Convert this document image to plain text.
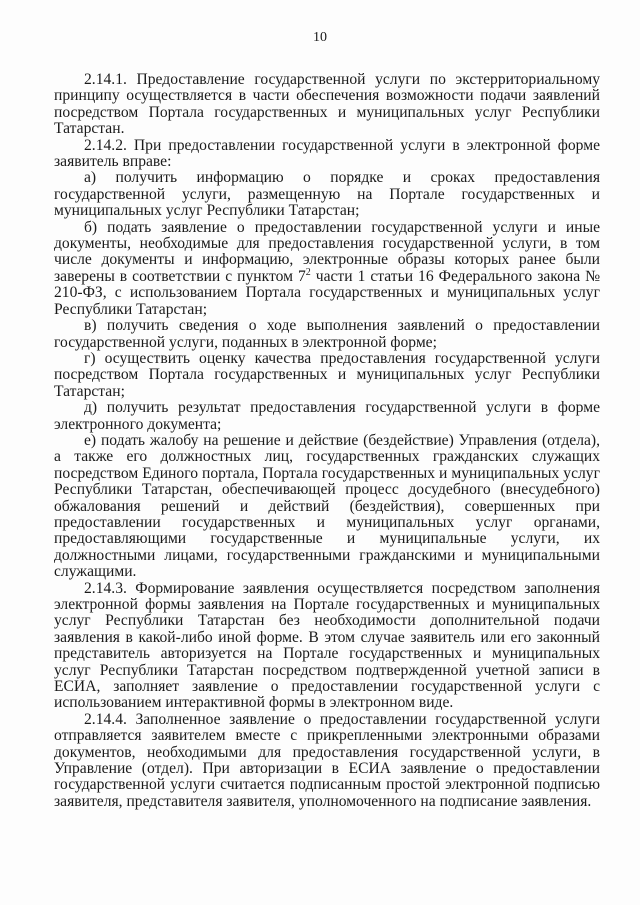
10

2.14.1. Предоставление государственной услуги по экстерриториальному принципу осуществляется в части обеспечения возможности подачи заявлений посредством Портала государственных и муниципальных услуг Республики Татарстан.

2.14.2. При предоставлении государственной услуги в электронной форме заявитель вправе:

а) получить информацию о порядке и сроках предоставления государственной услуги, размещенную на Портале государственных и муниципальных услуг Республики Татарстан;

б) подать заявление о предоставлении государственной услуги и иные документы, необходимые для предоставления государственной услуги, в том числе документы и информацию, электронные образы которых ранее были заверены в соответствии с пунктом $7^2$ части 1 статьи 16 Федерального закона № 210-ФЗ, с использованием Портала государственных и муниципальных услуг Республики Татарстан;

в) получить сведения о ходе выполнения заявлений о предоставлении государственной услуги, поданных в электронной форме;

г) осуществить оценку качества предоставления государственной услуги посредством Портала государственных и муниципальных услуг Республики Татарстан;

д) получить результат предоставления государственной услуги в форме электронного документа;

е) подать жалобу на решение и действие (бездействие) Управления (отдела), а также его должностных лиц, государственных гражданских служащих посредством Единого портала, Портала государственных и муниципальных услуг Республики Татарстан, обеспечивающей процесс досудебного (внесудебного) обжалования решений и действий (бездействия), совершенных при предоставлении государственных и муниципальных услуг органами, предоставляющими государственные и муниципальные услуги, их должностными лицами, государственными гражданскими и муниципальными служащими.

2.14.3. Формирование заявления осуществляется посредством заполнения электронной формы заявления на Портале государственных и муниципальных услуг Республики Татарстан без необходимости дополнительной подачи заявления в какой-либо иной форме. В этом случае заявитель или его законный представитель авторизуется на Портале государственных и муниципальных услуг Республики Татарстан посредством подтвержденной учетной записи в ЕСИА, заполняет заявление о предоставлении государственной услуги с использованием интерактивной формы в электронном виде.

2.14.4. Заполненное заявление о предоставлении государственной услуги отправляется заявителем вместе с прикрепленными электронными образами документов, необходимыми для предоставления государственной услуги, в Управление (отдел). При авторизации в ЕСИА заявление о предоставлении государственной услуги считается подписанным простой электронной подписью заявителя, представителя заявителя, уполномоченного на подписание заявления.
